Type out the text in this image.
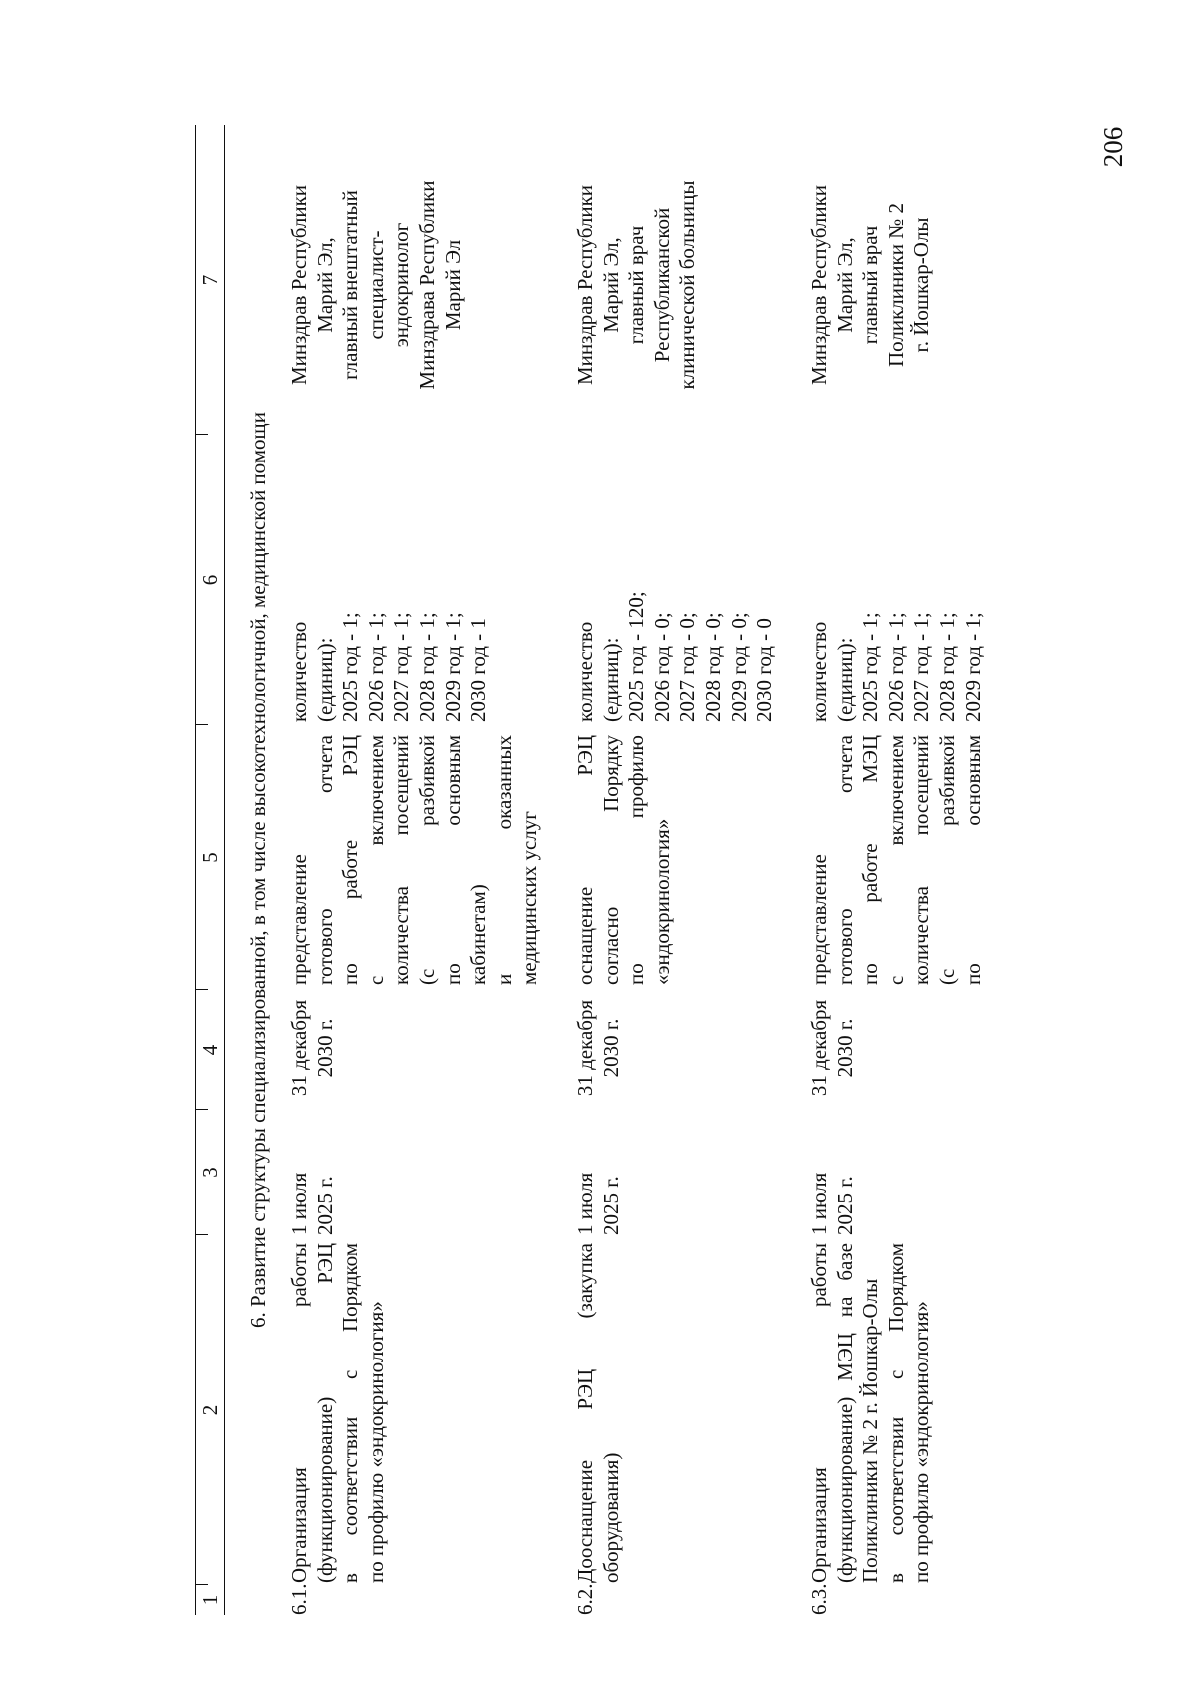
206
1
2
3
4
5
6
7
6. Развитие структуры специализированной, в том числе высокотехнологичной, медицинской помощи
6.1.
Организация работы (функционирование) РЭЦ в соответствии с Порядком по профилю «эндокринология»
1 июля 2025 г.
31 декабря 2030 г.
представление готового отчета по работе РЭЦ с включением количества посещений (с разбивкой по основным кабинетам) и оказанных медицинских услуг
количество (единиц): 2025 год - 1; 2026 год - 1; 2027 год - 1; 2028 год - 1; 2029 год - 1; 2030 год - 1
Минздрав Республики Марий Эл, главный внештатный специалист- эндокринолог Минздрава Республики Марий Эл
6.2.
Дооснащение РЭЦ (закупка оборудования)
1 июля 2025 г.
31 декабря 2030 г.
оснащение РЭЦ согласно Порядку по профилю «эндокринология»
количество (единиц): 2025 год - 120; 2026 год - 0; 2027 год - 0; 2028 год - 0; 2029 год - 0; 2030 год - 0
Минздрав Республики Марий Эл, главный врач Республиканской клинической больницы
6.3.
Организация работы (функционирование) МЭЦ на базе Поликлиники № 2 г. Йошкар-Олы в соответствии с Порядком по профилю «эндокринология»
1 июля 2025 г.
31 декабря 2030 г.
представление готового отчета по работе МЭЦ с включением количества посещений (с разбивкой по основным
количество (единиц): 2025 год - 1; 2026 год - 1; 2027 год - 1; 2028 год - 1; 2029 год - 1;
Минздрав Республики Марий Эл, главный врач Поликлиники № 2 г. Йошкар-Олы
